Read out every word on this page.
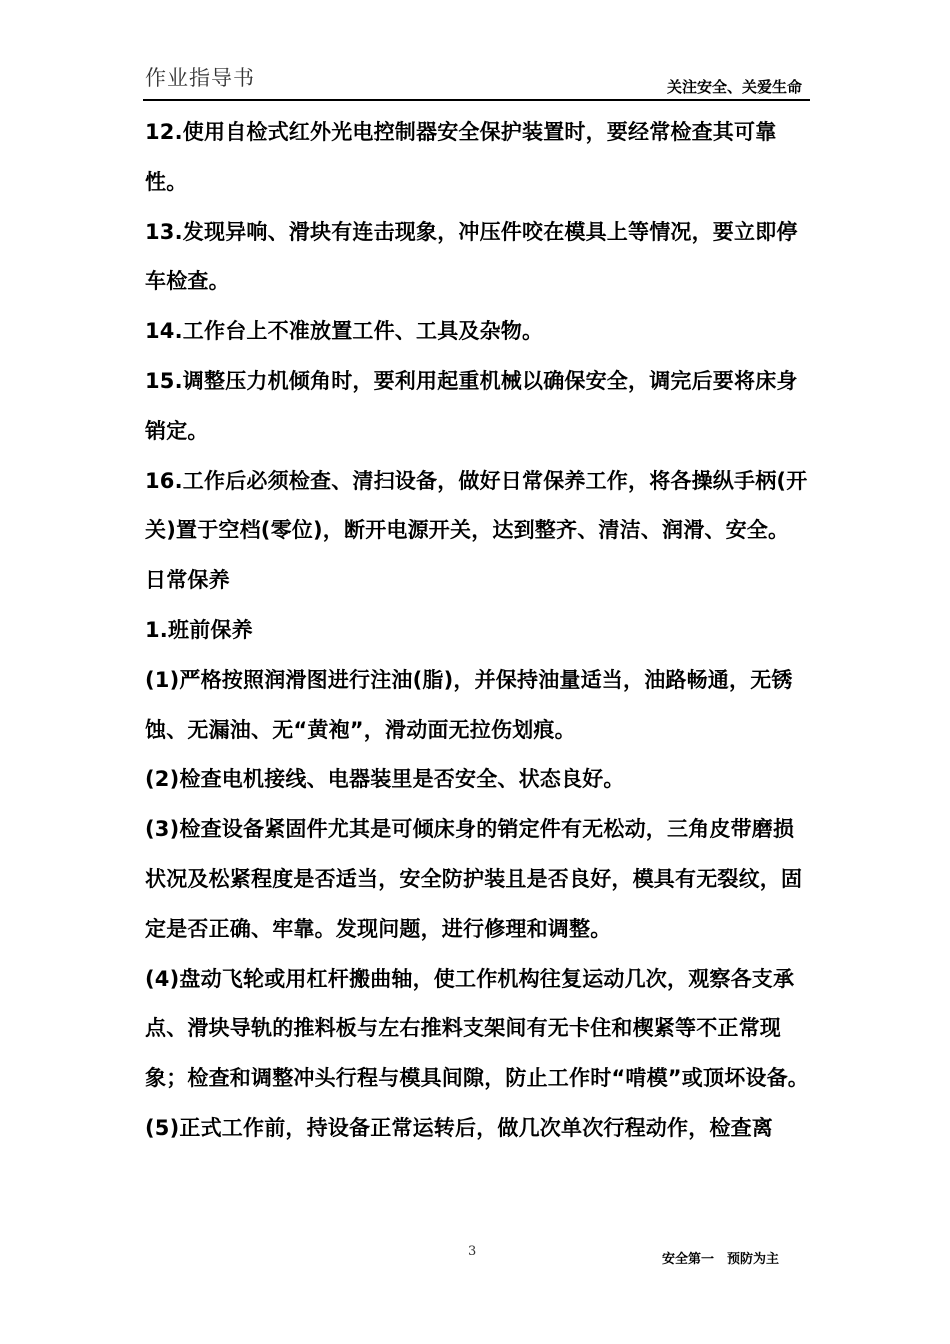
作业指导书	关注安全、关爱生命

12.使用自检式红外光电控制器安全保护装置时，要经常检查其可靠性。

13.发现异响、滑块有连击现象，冲压件咬在模具上等情况，要立即停车检查。

14.工作台上不准放置工件、工具及杂物。

15.调整压力机倾角时，要利用起重机械以确保安全，调完后要将床身销定。

16.工作后必须检查、清扫设备，做好日常保养工作，将各操纵手柄(开关)置于空档(零位)，断开电源开关，达到整齐、清洁、润滑、安全。

日常保养

1.班前保养

(1)严格按照润滑图进行注油(脂)，并保持油量适当，油路畅通，无锈蚀、无漏油、无“黄袍”，滑动面无拉伤划痕。

(2)检查电机接线、电器装里是否安全、状态良好。

(3)检查设备紧固件尤其是可倾床身的销定件有无松动，三角皮带磨损状况及松紧程度是否适当，安全防护装且是否良好，模具有无裂纹，固定是否正确、牢靠。发现问题，进行修理和调整。

(4)盘动飞轮或用杠杆搬曲轴，使工作机构往复运动几次，观察各支承点、滑块导轨的推料板与左右推料支架间有无卡住和楔紧等不正常现象；检查和调整冲头行程与模具间隙，防止工作时“啃模”或顶坏设备。

(5)正式工作前，持设备正常运转后，做几次单次行程动作，检查离

3
安全第一　预防为主
